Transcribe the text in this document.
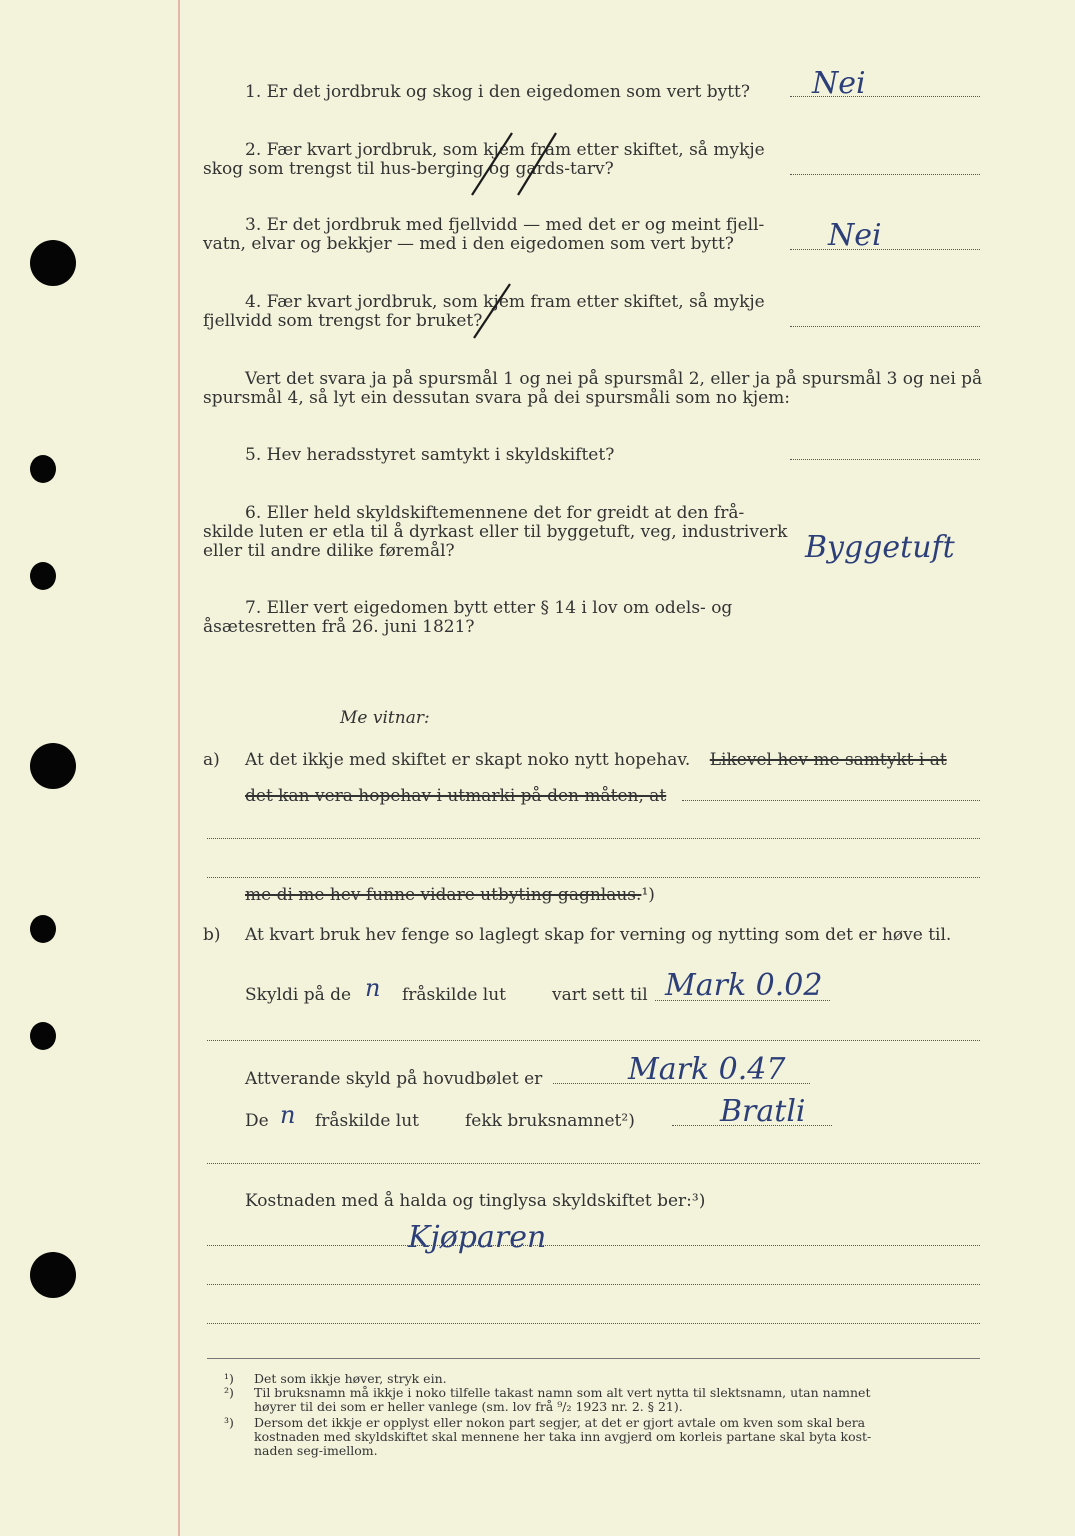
1. Er det jordbruk og skog i den eigedomen som vert bytt? Nei
2. Fær kvart jordbruk, som kjem fram etter skiftet, så mykje
skog som trengst til hus-berging og gards-tarv?
3. Er det jordbruk med fjellvidd — med det er og meint fjell-
vatn, elvar og bekkjer — med i den eigedomen som vert bytt?	Nei
4. Fær kvart jordbruk, som kjem fram etter skiftet, så mykje
fjellvidd som trengst for bruket?
Vert det svara ja på spursmål 1 og nei på spursmål 2, eller ja på spursmål 3 og nei på
spursmål 4, så lyt ein dessutan svara på dei spursmåli som no kjem:
5. Hev heradsstyret samtykt i skyldskiftet?
6. Eller held skyldskiftemennene det for greidt at den frå-
skilde luten er etla til å dyrkast eller til byggetuft, veg, industriverk
eller til andre dilike føremål?	Byggetuft
7. Eller vert eigedomen bytt etter § 14 i lov om odels- og
åsætesretten frå 26. juni 1821?
Me vitnar:
a) At det ikkje med skiftet er skapt noko nytt hopehav. Likevel hev me samtykt i at
det kan vera hopehav i utmarki på den måten, at
me di me hev funne vidare utbyting gagnlaus.¹)
b) At kvart bruk hev fenge so laglegt skap for verning og nytting som det er høve til.
Skyldi på de n fråskilde lut	vart sett til Mark 0.02
Attverande skyld på hovudbølet er	Mark 0.47
De n fråskilde lut	fekk bruksnamnet²)	Bratli
Kostnaden med å halda og tinglysa skyldskiftet ber:³)
Kjøparen
¹) Det som ikkje høver, stryk ein.
²) Til bruksnamn må ikkje i noko tilfelle takast namn som alt vert nytta til slektsnamn, utan namnet
høyrer til dei som er heller vanlege (sm. lov frå ⁹/₂ 1923 nr. 2. § 21).
³) Dersom det ikkje er opplyst eller nokon part segjer, at det er gjort avtale om kven som skal bera
kostnaden med skyldskiftet skal mennene her taka inn avgjerd om korleis partane skal byta kost-
naden seg-imellom.
